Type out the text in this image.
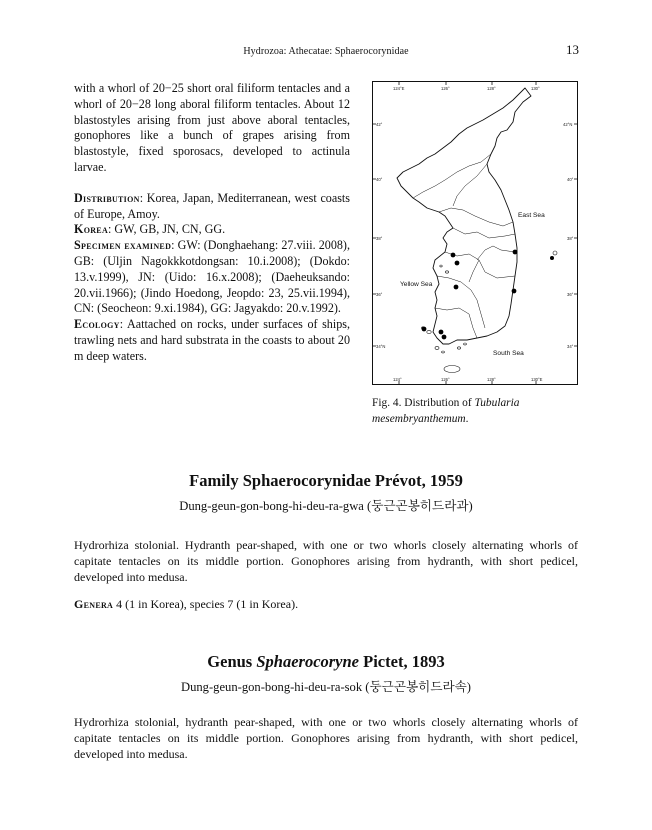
Hydrozoa: Athecatae: Sphaerocorynidae	13

with a whorl of 20−25 short oral filiform tentacles and a whorl of 20−28 long aboral filiform tentacles. About 12 blastostyles arising from just above aboral tentacles, gonophores like a bunch of grapes arising from blastostyle, fixed sporosacs, developed to actinula larvae.

Distribution: Korea, Japan, Mediterranean, west coasts of Europe, Amoy.

Korea: GW, GB, JN, CN, GG.

Specimen examined: GW: (Donghaehang: 27.viii. 2008), GB: (Uljin Nagokkkotdongsan: 10.i.2008); (Dokdo: 13.v.1999), JN: (Uido: 16.x.2008); (Daeheuksando: 20.vii.1966); (Jindo Hoedong, Jeopdo: 23, 25.vii.1994), CN: (Seocheon: 9.xi.1984), GG: Jagyakdo: 20.v.1992).

Ecology: Aattached on rocks, under surfaces of ships, trawling nets and hard substrata in the coasts to about 20 m deep waters.

124°E	126°	128°	130°
124°	126°	128°	130°E
42°
40°
38°
36°
34°N
42°N
40°
38°
36°
34°
East Sea
Yellow Sea
South Sea
Fig. 4. Distribution of Tubularia mesembryanthemum.
Family Sphaerocorynidae Prévot, 1959
Dung-geun-gon-bong-hi-deu-ra-gwa (둥근곤봉히드라과)

Hydrorhiza stolonial. Hydranth pear-shaped, with one or two whorls closely alternating whorls of capitate tentacles on its middle portion. Gonophores arising from hydranth, with short pedicel, developed into medusa.

Genera 4 (1 in Korea), species 7 (1 in Korea).

Genus Sphaerocoryne Pictet, 1893
Dung-geun-gon-bong-hi-deu-ra-sok (둥근곤봉히드라속)

Hydrorhiza stolonial, hydranth pear-shaped, with one or two whorls closely alternating whorls of capitate tentacles on its middle portion. Gonophores arising from hydranth, with short pedicel, developed into medusa.
